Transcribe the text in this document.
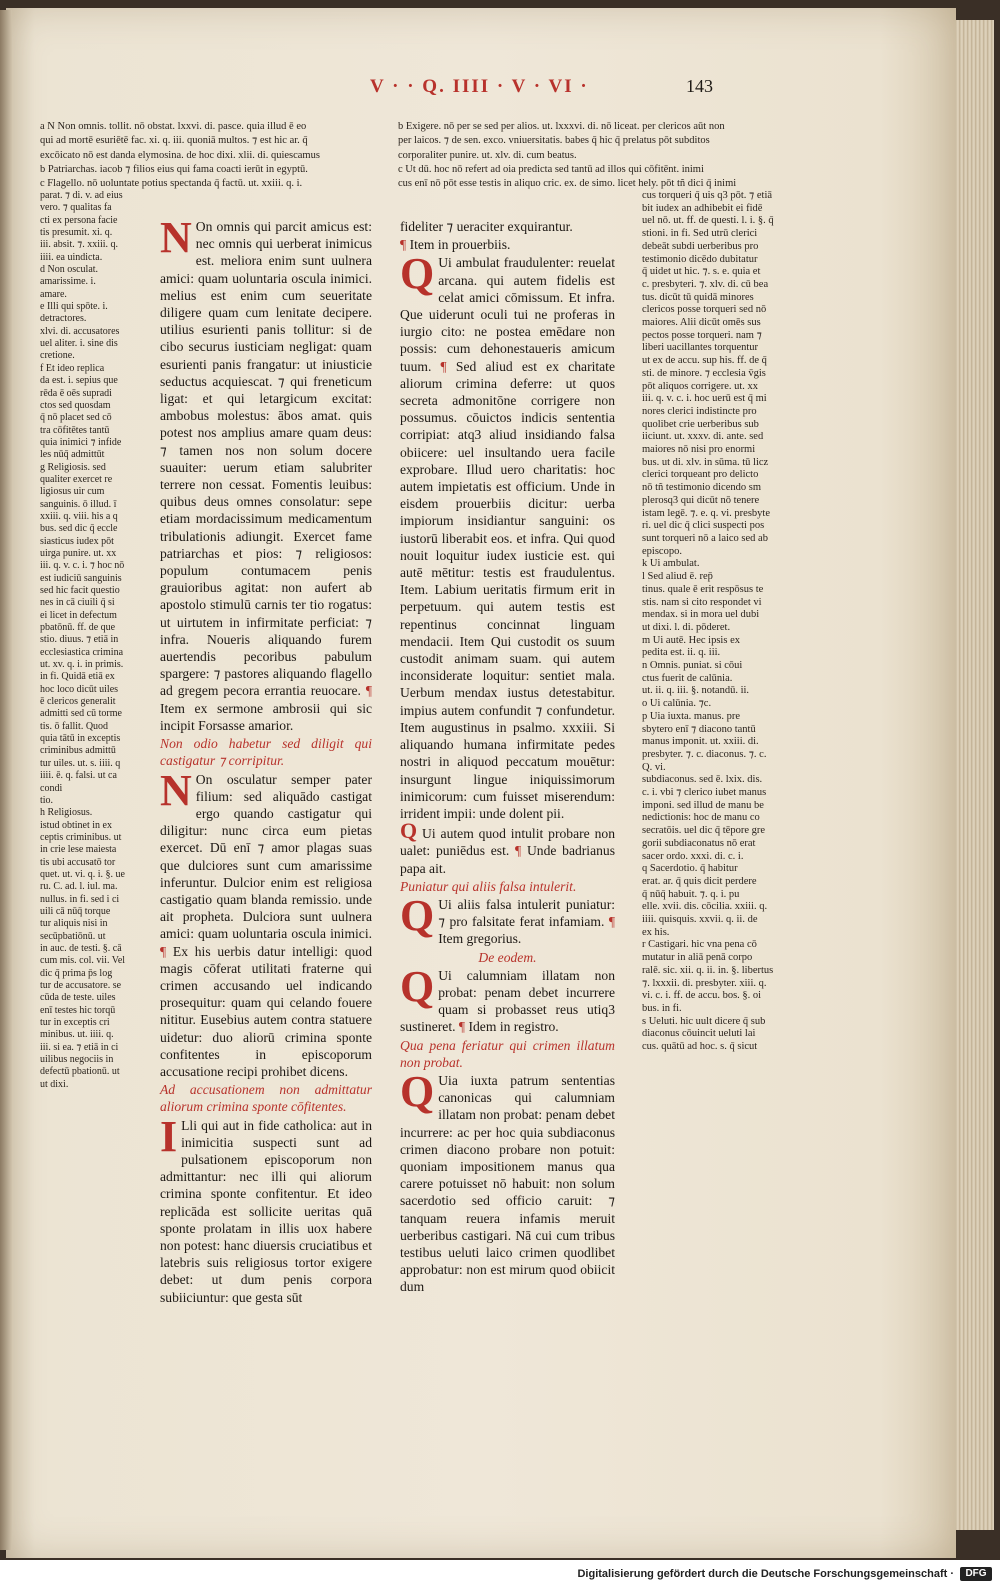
V · · Q. IIII · V · VI ·	143

a N Non omnis. tollit. nō obstat. lxxvi. di. pasce. quia illud ē eo

qui ad mortē esuriētē fac. xi. q. iii. quoniā multos. ⁊ est hic ar. q̄

excōicato nō est danda elymosina. de hoc dixi. xlii. di. quiescamus

b Patriarchas. iacob ⁊ filios eius qui fama coacti ierūt in egyptū.

c Flagello. nō uoluntate potius spectanda q̄ factū. ut. xxiii. q. i.

b Exigere. nō per se sed per alios. ut. lxxxvi. di. nō liceat. per clericos aūt non

per laicos. ⁊ de sen. exco. vniuersitatis. babes q̄ hic q̄ prelatus pōt subditos

corporaliter punire. ut. xlv. di. cum beatus.

c Ut dū. hoc nō refert ad oia predicta sed tantū ad illos qui cōfitēnt. inimi

cus enī nō pōt esse testis in aliquo cric. ex. de simo. licet hely. pōt tñ dici q̄ inimi

parat. ⁊ di. v. ad eius
vero. ⁊ qualitas fa
cti ex persona facie
tis presumit. xi. q.
iii. absit. ⁊. xxiii. q.
iiii. ea uindicta.
d Non osculat. amarissime. i.
amare.
e Illi qui spōte. i. detractores.
xlvi. di. accusatores
uel aliter. i. sine dis
cretione.
f Et ideo replica
da est. i. sepius que
rēda ē oēs supradi
ctos sed quosdam
q̄ nō placet sed cō
tra cōfitētes tantū
quia inimici ⁊ infide
les nūq̄ admittūt
g Religiosis. sed
qualiter exercet re
ligiosus uir cum
sanguinis. ō illud. ī
xxiii. q. viii. his a q
bus. sed dic q̄ eccle
siasticus iudex pōt
uirga punire. ut. xx
iii. q. v. c. i. ⁊ hoc nō
est iudiciū sanguinis
sed hic facit questio
nes in cā ciuili q̄ si
ei licet in defectum
pbatōnū. ff. de que
stio. diuus. ⁊ etiā in
ecclesiastica crimina
ut. xv. q. i. in primis.
in fi. Quidā etiā ex
hoc loco dicūt uiles
ē clericos generalit
admitti sed cū torme
tis. ō fallit. Quod
quia tātū in exceptis
criminibus admittū
tur uiles. ut. s. iiii. q
iiii. ē. q. falsi. ut ca condi
tio.
h Religiosus.
istud obtinet in ex
ceptis criminibus. ut
in crie lese maiesta
tis ubi accusatō tor
quet. ut. vi. q. i. §. ue
ru. C. ad. l. iul. ma.
nullus. in fi. sed i ci
uili cā nūq̄ torque
tur aliquis nisi in
secūpbatiōnū. ut
in auc. de testi. §. cā
cum mis. col. vii. Vel
dic q̄ prima p̄s log
tur de accusatore. se
cūda de teste. uiles
enī testes hic torqū
tur in exceptis cri
minibus. ut. iiii. q.
iii. si ea. ⁊ etiā in ci
uilibus negociis in
defectū pbationū. ut
ut dixi.

N On omnis qui parcit amicus est: nec omnis qui uerberat inimicus est. meliora enim sunt uulnera amici: quam uoluntaria oscula inimici. melius est enim cum seueritate diligere quam cum lenitate decipere. utilius esurienti panis tollitur: si de cibo securus iusticiam negligat: quam esurienti panis frangatur: ut iniusticie seductus acquiescat. ⁊ qui freneticum ligat: et qui letargicum excitat: ambobus molestus: ābos amat. quis potest nos amplius amare quam deus: ⁊ tamen nos non solum docere suauiter: uerum etiam salubriter terrere non cessat. Fomentis leuibus: quibus deus omnes consolatur: sepe etiam mordacissimum medicamentum tribulationis adiungit. Exercet fame patriarchas et pios: ⁊ religiosos: populum contumacem penis grauioribus agitat: non aufert ab apostolo stimulū carnis ter tio rogatus: ut uirtutem in infirmitate perficiat: ⁊ infra. Noueris aliquando furem auertendis pecoribus pabulum spargere: ⁊ pastores aliquando flagello ad gregem pecora errantia reuocare. ¶ Item ex sermone ambrosii qui sic incipit Forsasse amarior.

Non odio habetur sed diligit qui castigatur ⁊ corripitur.

N On osculatur semper pater filium: sed aliquādo castigat ergo quando castigatur qui diligitur: nunc circa eum pietas exercet. Dū enī ⁊ amor plagas suas que dulciores sunt cum amarissime inferuntur. Dulcior enim est religiosa castigatio quam blanda remissio. unde ait propheta. Dulciora sunt uulnera amici: quam uoluntaria oscula inimici. ¶ Ex his uerbis datur intelligi: quod magis cōferat utilitati fraterne qui crimen accusando uel indicando prosequitur: quam qui celando fouere nititur. Eusebius autem contra statuere uidetur: duo aliorū crimina sponte confitentes in episcoporum accusatione recipi prohibet dicens.

Ad accusationem non admittatur aliorum crimina sponte cōfitentes.

I Lli qui aut in fide catholica: aut in inimicitia suspecti sunt ad pulsationem episcoporum non admittantur: nec illi qui aliorum crimina sponte confitentur. Et ideo replicāda est sollicite ueritas quā sponte prolatam in illis uox habere non potest: hanc diuersis cruciatibus et latebris suis religiosus tortor exigere debet: ut dum penis corpora subiiciuntur: que gesta sūt

fideliter ⁊ ueraciter exquirantur.

¶ Item in prouerbiis.

Q Ui ambulat fraudulenter: reuelat arcana. qui autem fidelis est celat amici cōmissum. Et infra. Que uiderunt oculi tui ne proferas in iurgio cito: ne postea emēdare non possis: cum dehonestaueris amicum tuum. ¶ Sed aliud est ex charitate aliorum crimina deferre: ut quos secreta admonitōne corrigere non possumus. cōuictos indicis sententia corripiat: atq3 aliud insidiando falsa obiicere: uel insultando uera facile exprobare. Illud uero charitatis: hoc autem impietatis est officium. Unde in eisdem prouerbiis dicitur: uerba impiorum insidiantur sanguini: os iustorū liberabit eos. et infra. Qui quod nouit loquitur iudex iusticie est. qui autē mētitur: testis est fraudulentus. Item. Labium ueritatis firmum erit in perpetuum. qui autem testis est repentinus concinnat linguam mendacii. Item Qui custodit os suum custodit animam suam. qui autem inconsiderate loquitur: sentiet mala. Uerbum mendax iustus detestabitur. impius autem confundit ⁊ confundetur. Item augustinus in psalmo. xxxiii. Si aliquando humana infirmitate pedes nostri in aliquod peccatum mouētur: insurgunt lingue iniquissimorum inimicorum: cum fuisset miserendum: irrident impii: unde dolent pii.

Q Ui autem quod intulit probare non ualet: puniēdus est. ¶ Unde badrianus papa ait.

Puniatur qui aliis falsa intulerit.

Q Ui aliis falsa intulerit puniatur: ⁊ pro falsitate ferat infamiam. ¶ Item gregorius.

De eodem.

Q Ui calumniam illatam non probat: penam debet incurrere quam si probasset reus utiq3 sustineret. ¶ Idem in registro.

Qua pena feriatur qui crimen illatum non probat.

Q Uia iuxta patrum sententias canonicas qui calumniam illatam non probat: penam debet incurrere: ac per hoc quia subdiaconus crimen diacono probare non potuit: quoniam impositionem manus qua carere potuisset nō habuit: non solum sacerdotio sed officio caruit: ⁊ tanquam reuera infamis meruit uerberibus castigari. Nā cui cum tribus testibus ueluti laico crimen quodlibet approbatur: non est mirum quod obiicit dum

cus torqueri q̄ uis q3 pōt. ⁊ etiā
bit iudex an adhibebit ei fidē
uel nō. ut. ff. de questi. l. i. §. q̄
stioni. in fi. Sed utrū clerici
debeāt subdi uerberibus pro
testimonio dicēdo dubitatur
q̄ uidet ut hic. ⁊. s. e. quia et
c. presbyteri. ⁊. xlv. di. cū bea
tus. dicūt tū quidā minores
clericos posse torqueri sed nō
maiores. Alii dicūt omēs sus
pectos posse torqueri. nam ⁊
liberi uacillantes torquentur
ut ex de accu. sup his. ff. de q̄
sti. de minore. ⁊ ecclesia v̄gis
pōt aliquos corrigere. ut. xx
iii. q. v. c. i. hoc uerū est q̄ mi
nores clerici indistincte pro
quolibet crie uerberibus sub
iiciunt. ut. xxxv. di. ante. sed
maiores nō nisi pro enormi
bus. ut di. xlv. in sūma. tū licz
clerici torqueant pro delicto
nō tñ testimonio dicendo sm
plerosq3 qui dicūt nō tenere
istam legē. ⁊. e. q. vi. presbyte
ri. uel dic q̄ clici suspecti pos
sunt torqueri nō a laico sed ab
episcopo.
k Ui ambulat.
l Sed aliud ē. rep̄
tinus. quale ē erit respōsus te
stis. nam si cito respondet vi
mendax. si in mora uel dubi
ut dixi. l. di. pōderet.
m Ui autē. Hec ipsis ex
pedita est. ii. q. iii.
n Omnis. puniat. si cōui
ctus fuerit de calūnia.
ut. ii. q. iii. §. notandū. ii.
o Ui calūnia. ⁊c.
p Uia iuxta. manus. pre
sbytero enī ⁊ diacono tantū
manus imponit. ut. xxiii. di.
presbyter. ⁊. c. diaconus. ⁊. c.
Q. vi.
subdiaconus. sed ē. lxix. dis.
c. i. vbi ⁊ clerico iubet manus
imponi. sed illud de manu be
nedictionis: hoc de manu co
secratōis. uel dic q̄ tēpore gre
gorii subdiaconatus nō erat
sacer ordo. xxxi. di. c. i.
q Sacerdotio. q̄ habitur
erat. ar. q̄ quis dicit perdere
q̄ nūq̄ habuit. ⁊. q. i. pu
elle. xvii. dis. cōcilia. xxiii. q.
iiii. quisquis. xxvii. q. ii. de
ex his.
r Castigari. hic vna pena cō
mutatur in aliā penā corpo
ralē. sic. xii. q. ii. in. §. libertus
⁊. lxxxii. di. presbyter. xiii. q.
vi. c. i. ff. de accu. bos. §. oi
bus. in fi.
s Ueluti. hic uult dicere q̄ sub
diaconus cōuincit ueluti lai
cus. quātū ad hoc. s. q̄ sicut
Digitalisierung gefördert durch die Deutsche Forschungsgemeinschaft ·	DFG
